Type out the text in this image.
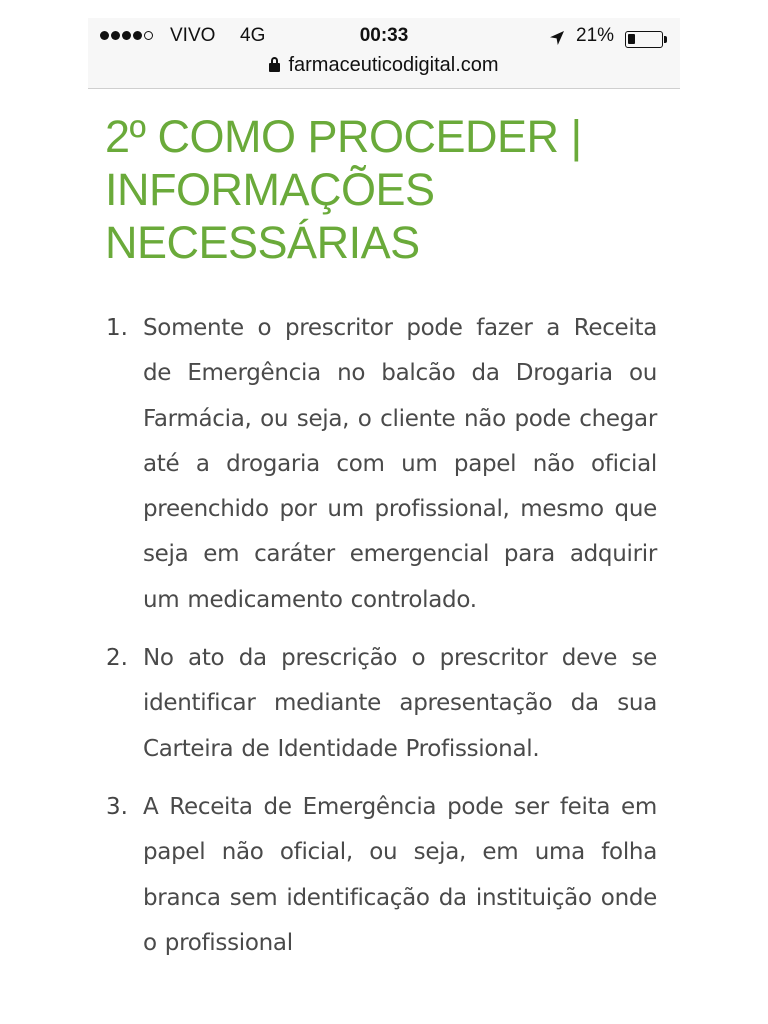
VIVO 4G	00:33	21%
farmaceuticodigital.com
2º COMO PROCEDER | INFORMAÇÕES NECESSÁRIAS
1. Somente o prescritor pode fazer a Receita de Emergência no balcão da Drogaria ou Farmácia, ou seja, o cliente não pode chegar até a drogaria com um papel não oficial preenchido por um profissional, mesmo que seja em caráter emergencial para adquirir um medicamento controlado.

2. No ato da prescrição o prescritor deve se identificar mediante apresentação da sua Carteira de Identidade Profissional.

3. A Receita de Emergência pode ser feita em papel não oficial, ou seja, em uma folha branca sem identificação da instituição onde o profissional
